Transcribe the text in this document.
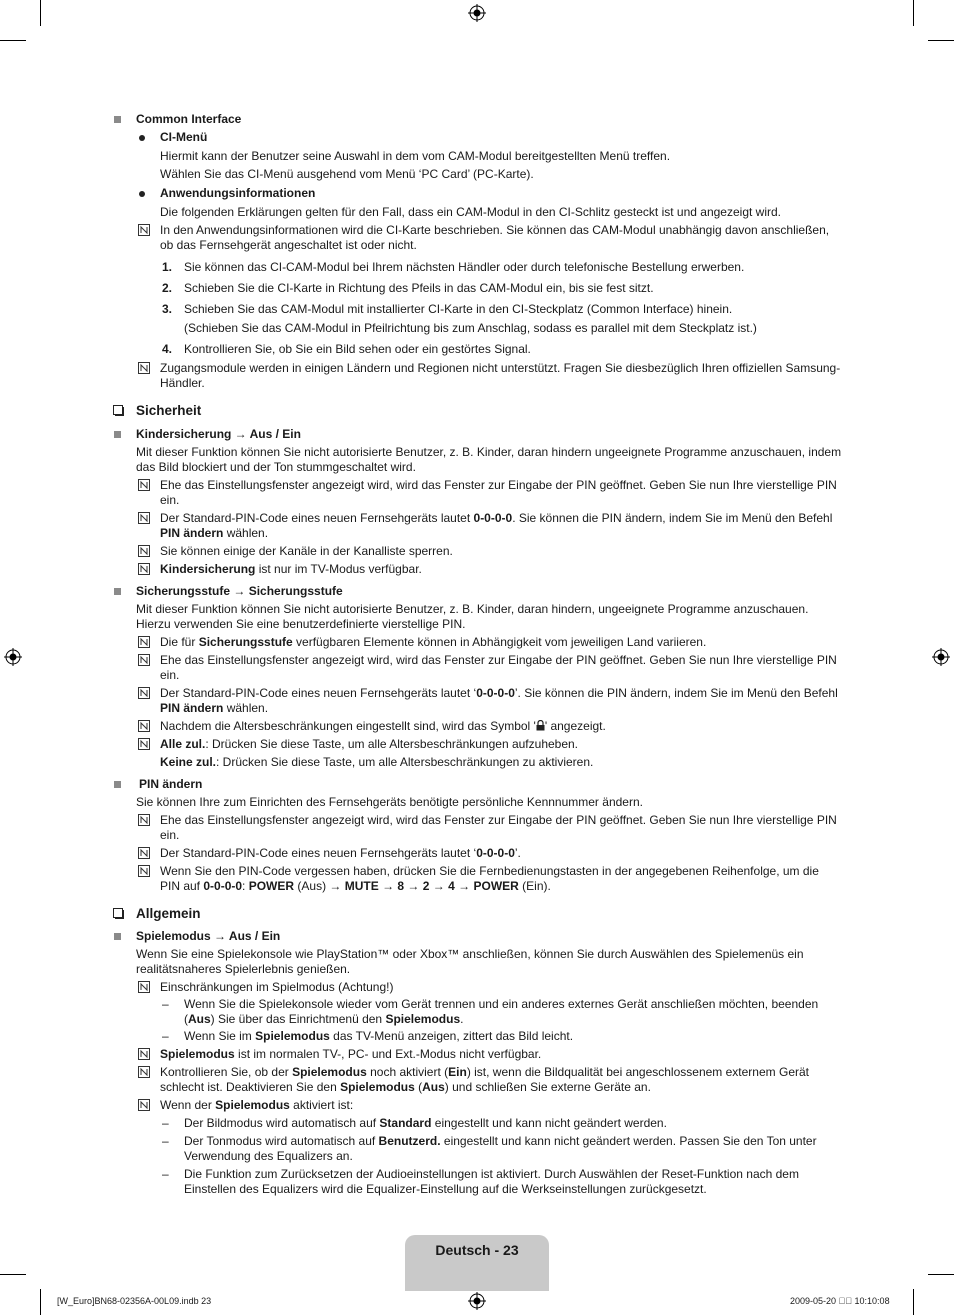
Common Interface
CI-Menü
Hiermit kann der Benutzer seine Auswahl in dem vom CAM-Modul bereitgestellten Menü treffen.
Wählen Sie das CI-Menü ausgehend vom Menü ‘PC Card’ (PC-Karte).
Anwendungsinformationen
Die folgenden Erklärungen gelten für den Fall, dass ein CAM-Modul in den CI-Schlitz gesteckt ist und angezeigt wird.
In den Anwendungsinformationen wird die CI-Karte beschrieben. Sie können das CAM-Modul unabhängig davon anschließen, ob das Fernsehgerät angeschaltet ist oder nicht.
1. Sie können das CI-CAM-Modul bei Ihrem nächsten Händler oder durch telefonische Bestellung erwerben.
2. Schieben Sie die CI-Karte in Richtung des Pfeils in das CAM-Modul ein, bis sie fest sitzt.
3. Schieben Sie das CAM-Modul mit installierter CI-Karte in den CI-Steckplatz (Common Interface) hinein.
(Schieben Sie das CAM-Modul in Pfeilrichtung bis zum Anschlag, sodass es parallel mit dem Steckplatz ist.)
4. Kontrollieren Sie, ob Sie ein Bild sehen oder ein gestörtes Signal.
Zugangsmodule werden in einigen Ländern und Regionen nicht unterstützt. Fragen Sie diesbezüglich Ihren offiziellen Samsung-Händler.
Sicherheit
Kindersicherung → Aus / Ein
Mit dieser Funktion können Sie nicht autorisierte Benutzer, z. B. Kinder, daran hindern ungeeignete Programme anzuschauen, indem das Bild blockiert und der Ton stummgeschaltet wird.
Ehe das Einstellungsfenster angezeigt wird, wird das Fenster zur Eingabe der PIN geöffnet. Geben Sie nun Ihre vierstellige PIN ein.
Der Standard-PIN-Code eines neuen Fernsehgeräts lautet 0-0-0-0. Sie können die PIN ändern, indem Sie im Menü den Befehl PIN ändern wählen.
Sie können einige der Kanäle in der Kanalliste sperren.
Kindersicherung ist nur im TV-Modus verfügbar.
Sicherungsstufe → Sicherungsstufe
Mit dieser Funktion können Sie nicht autorisierte Benutzer, z. B. Kinder, daran hindern, ungeeignete Programme anzuschauen. Hierzu verwenden Sie eine benutzerdefinierte vierstellige PIN.
Die für Sicherungsstufe verfügbaren Elemente können in Abhängigkeit vom jeweiligen Land variieren.
Ehe das Einstellungsfenster angezeigt wird, wird das Fenster zur Eingabe der PIN geöffnet. Geben Sie nun Ihre vierstellige PIN ein.
Der Standard-PIN-Code eines neuen Fernsehgeräts lautet ‘0-0-0-0’. Sie können die PIN ändern, indem Sie im Menü den Befehl PIN ändern wählen.
Nachdem die Altersbeschränkungen eingestellt sind, wird das Symbol ' ' angezeigt.
Alle zul.: Drücken Sie diese Taste, um alle Altersbeschränkungen aufzuheben.
Keine zul.: Drücken Sie diese Taste, um alle Altersbeschränkungen zu aktivieren.
PIN ändern
Sie können Ihre zum Einrichten des Fernsehgeräts benötigte persönliche Kennnummer ändern.
Ehe das Einstellungsfenster angezeigt wird, wird das Fenster zur Eingabe der PIN geöffnet. Geben Sie nun Ihre vierstellige PIN ein.
Der Standard-PIN-Code eines neuen Fernsehgeräts lautet ‘0-0-0-0’.
Wenn Sie den PIN-Code vergessen haben, drücken Sie die Fernbedienungstasten in der angegebenen Reihenfolge, um die PIN auf 0-0-0-0: POWER (Aus) → MUTE → 8 → 2 → 4 → POWER (Ein).
Allgemein
Spielemodus → Aus / Ein
Wenn Sie eine Spielekonsole wie PlayStation™ oder Xbox™ anschließen, können Sie durch Auswählen des Spielemenüs ein realitätsnaheres Spielerlebnis genießen.
Einschränkungen im Spielmodus (Achtung!)
– Wenn Sie die Spielekonsole wieder vom Gerät trennen und ein anderes externes Gerät anschließen möchten, beenden (Aus) Sie über das Einrichtmenü den Spielemodus.
– Wenn Sie im Spielemodus das TV-Menü anzeigen, zittert das Bild leicht.
Spielemodus ist im normalen TV-, PC- und Ext.-Modus nicht verfügbar.
Kontrollieren Sie, ob der Spielemodus noch aktiviert (Ein) ist, wenn die Bildqualität bei angeschlossenem externem Gerät schlecht ist. Deaktivieren Sie den Spielemodus (Aus) und schließen Sie externe Geräte an.
Wenn der Spielemodus aktiviert ist:
– Der Bildmodus wird automatisch auf Standard eingestellt und kann nicht geändert werden.
– Der Tonmodus wird automatisch auf Benutzerd. eingestellt und kann nicht geändert werden. Passen Sie den Ton unter Verwendung des Equalizers an.
– Die Funktion zum Zurücksetzen der Audioeinstellungen ist aktiviert. Durch Auswählen der Reset-Funktion nach dem Einstellen des Equalizers wird die Equalizer-Einstellung auf die Werkseinstellungen zurückgesetzt.
Deutsch - 23
[W_Euro]BN68-02356A-00L09.indb 23	2009-05-20 ￿￿ 10:10:08
